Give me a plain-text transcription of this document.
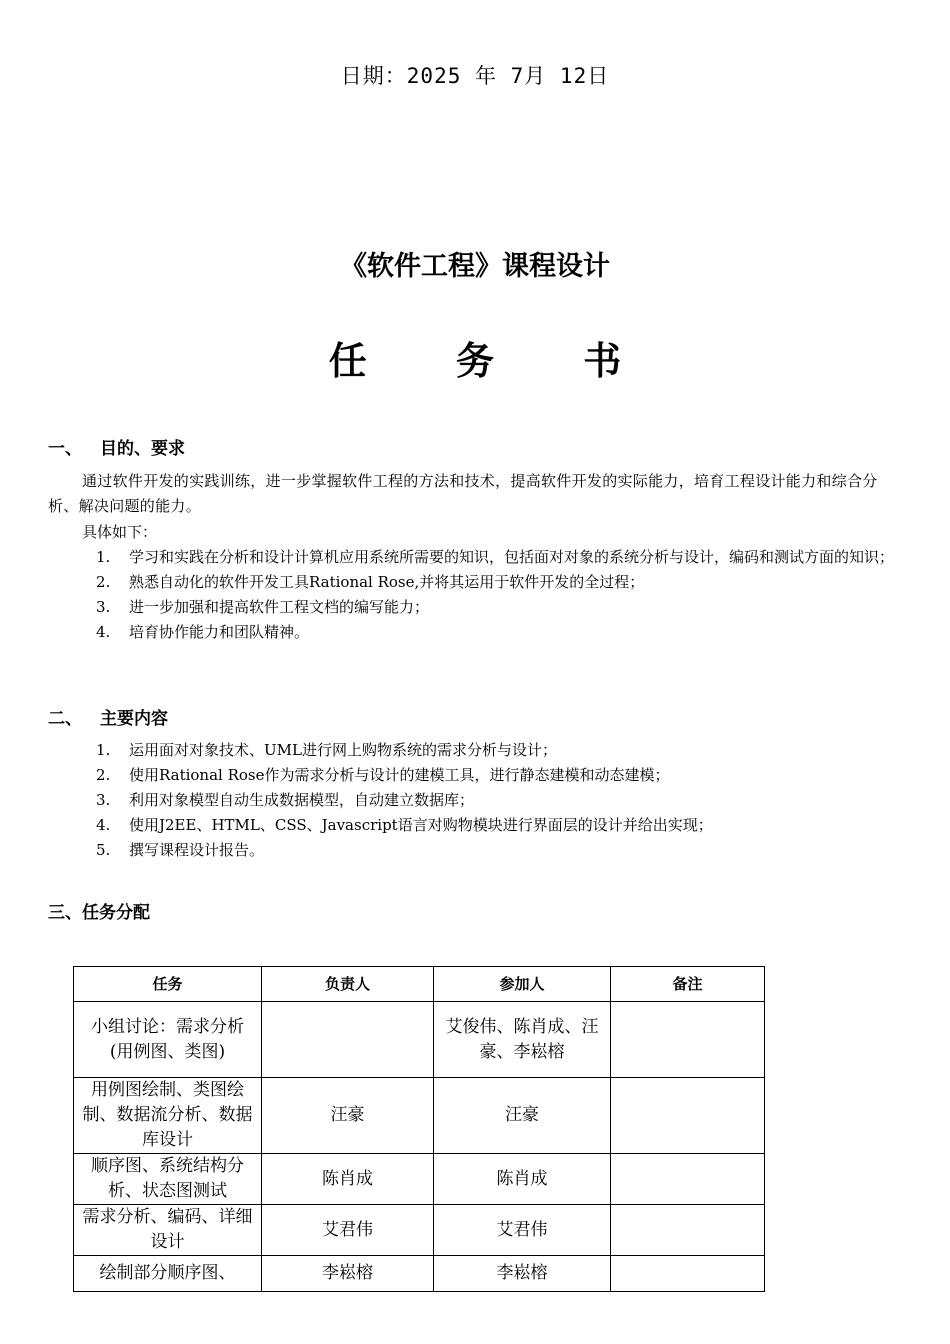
日期：2025 年 7月 12日
《软件工程》课程设计
任 务 书
一、 目的、要求
通过软件开发的实践训练，进一步掌握软件工程的方法和技术，提高软件开发的实际能力，培育工程设计能力和综合分析、解决问题的能力。
具体如下：
1. 学习和实践在分析和设计计算机应用系统所需要的知识，包括面对对象的系统分析与设计，编码和测试方面的知识；
2. 熟悉自动化的软件开发工具Rational Rose,并将其运用于软件开发的全过程；
3. 进一步加强和提高软件工程文档的编写能力；
4. 培育协作能力和团队精神。
二、 主要内容
1. 运用面对对象技术、UML进行网上购物系统的需求分析与设计；
2. 使用Rational Rose作为需求分析与设计的建模工具，进行静态建模和动态建模；
3. 利用对象模型自动生成数据模型，自动建立数据库；
4. 使用J2EE、HTML、CSS、Javascript语言对购物模块进行界面层的设计并给出实现；
5. 撰写课程设计报告。
三、任务分配
任务	负责人	参加人	备注
小组讨论：需求分析(用例图、类图)		艾俊伟、陈肖成、汪豪、李崧榕	
用例图绘制、类图绘制、数据流分析、数据库设计	汪豪	汪豪	
顺序图、系统结构分析、状态图测试	陈肖成	陈肖成	
需求分析、编码、详细设计	艾君伟	艾君伟	
绘制部分顺序图、	李崧榕	李崧榕	
